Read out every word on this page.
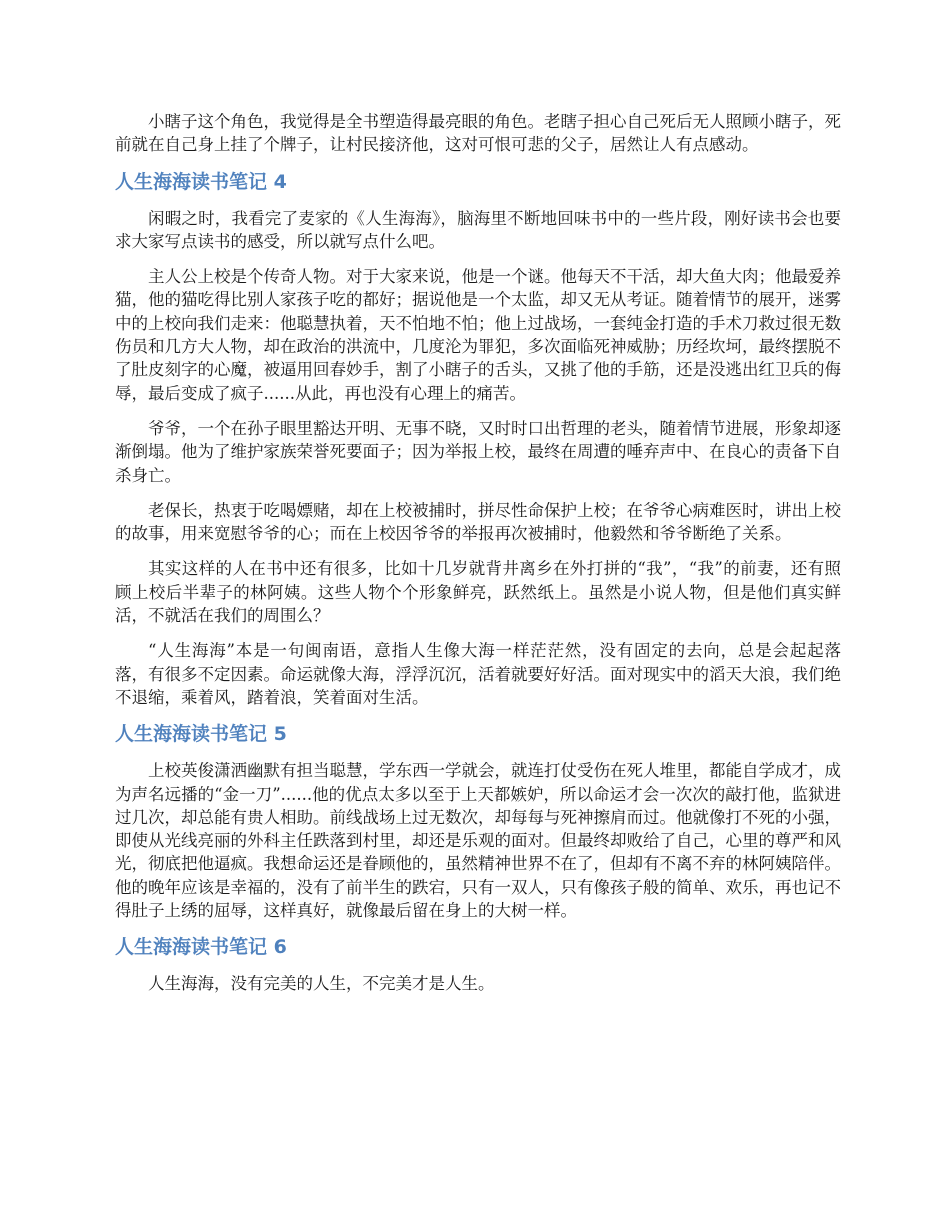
小瞎子这个角色，我觉得是全书塑造得最亮眼的角色。老瞎子担心自己死后无人照顾小瞎子，死前就在自己身上挂了个牌子，让村民接济他，这对可恨可悲的父子，居然让人有点感动。

人生海海读书笔记 4

闲暇之时，我看完了麦家的《人生海海》，脑海里不断地回味书中的一些片段，刚好读书会也要求大家写点读书的感受，所以就写点什么吧。

主人公上校是个传奇人物。对于大家来说，他是一个谜。他每天不干活，却大鱼大肉；他最爱养猫，他的猫吃得比别人家孩子吃的都好；据说他是一个太监，却又无从考证。随着情节的展开，迷雾中的上校向我们走来：他聪慧执着，天不怕地不怕；他上过战场，一套纯金打造的手术刀救过很无数伤员和几方大人物，却在政治的洪流中，几度沦为罪犯，多次面临死神威胁；历经坎坷，最终摆脱不了肚皮刻字的心魔，被逼用回春妙手，割了小瞎子的舌头，又挑了他的手筋，还是没逃出红卫兵的侮辱，最后变成了疯子......从此，再也没有心理上的痛苦。

爷爷，一个在孙子眼里豁达开明、无事不晓，又时时口出哲理的老头，随着情节进展，形象却逐渐倒塌。他为了维护家族荣誉死要面子；因为举报上校，最终在周遭的唾弃声中、在良心的责备下自杀身亡。

老保长，热衷于吃喝嫖赌，却在上校被捕时，拼尽性命保护上校；在爷爷心病难医时，讲出上校的故事，用来宽慰爷爷的心；而在上校因爷爷的举报再次被捕时，他毅然和爷爷断绝了关系。

其实这样的人在书中还有很多，比如十几岁就背井离乡在外打拼的“我”，“我”的前妻，还有照顾上校后半辈子的林阿姨。这些人物个个形象鲜亮，跃然纸上。虽然是小说人物，但是他们真实鲜活，不就活在我们的周围么？

“人生海海”本是一句闽南语，意指人生像大海一样茫茫然，没有固定的去向，总是会起起落落，有很多不定因素。命运就像大海，浮浮沉沉，活着就要好好活。面对现实中的滔天大浪，我们绝不退缩，乘着风，踏着浪，笑着面对生活。

人生海海读书笔记 5

上校英俊潇洒幽默有担当聪慧，学东西一学就会，就连打仗受伤在死人堆里，都能自学成才，成为声名远播的“金一刀”......他的优点太多以至于上天都嫉妒，所以命运才会一次次的敲打他，监狱进过几次，却总能有贵人相助。前线战场上过无数次，却每每与死神擦肩而过。他就像打不死的小强，即使从光线亮丽的外科主任跌落到村里，却还是乐观的面对。但最终却败给了自己，心里的尊严和风光，彻底把他逼疯。我想命运还是眷顾他的，虽然精神世界不在了，但却有不离不弃的林阿姨陪伴。他的晚年应该是幸福的，没有了前半生的跌宕，只有一双人，只有像孩子般的简单、欢乐，再也记不得肚子上绣的屈辱，这样真好，就像最后留在身上的大树一样。

人生海海读书笔记 6

人生海海，没有完美的人生，不完美才是人生。
